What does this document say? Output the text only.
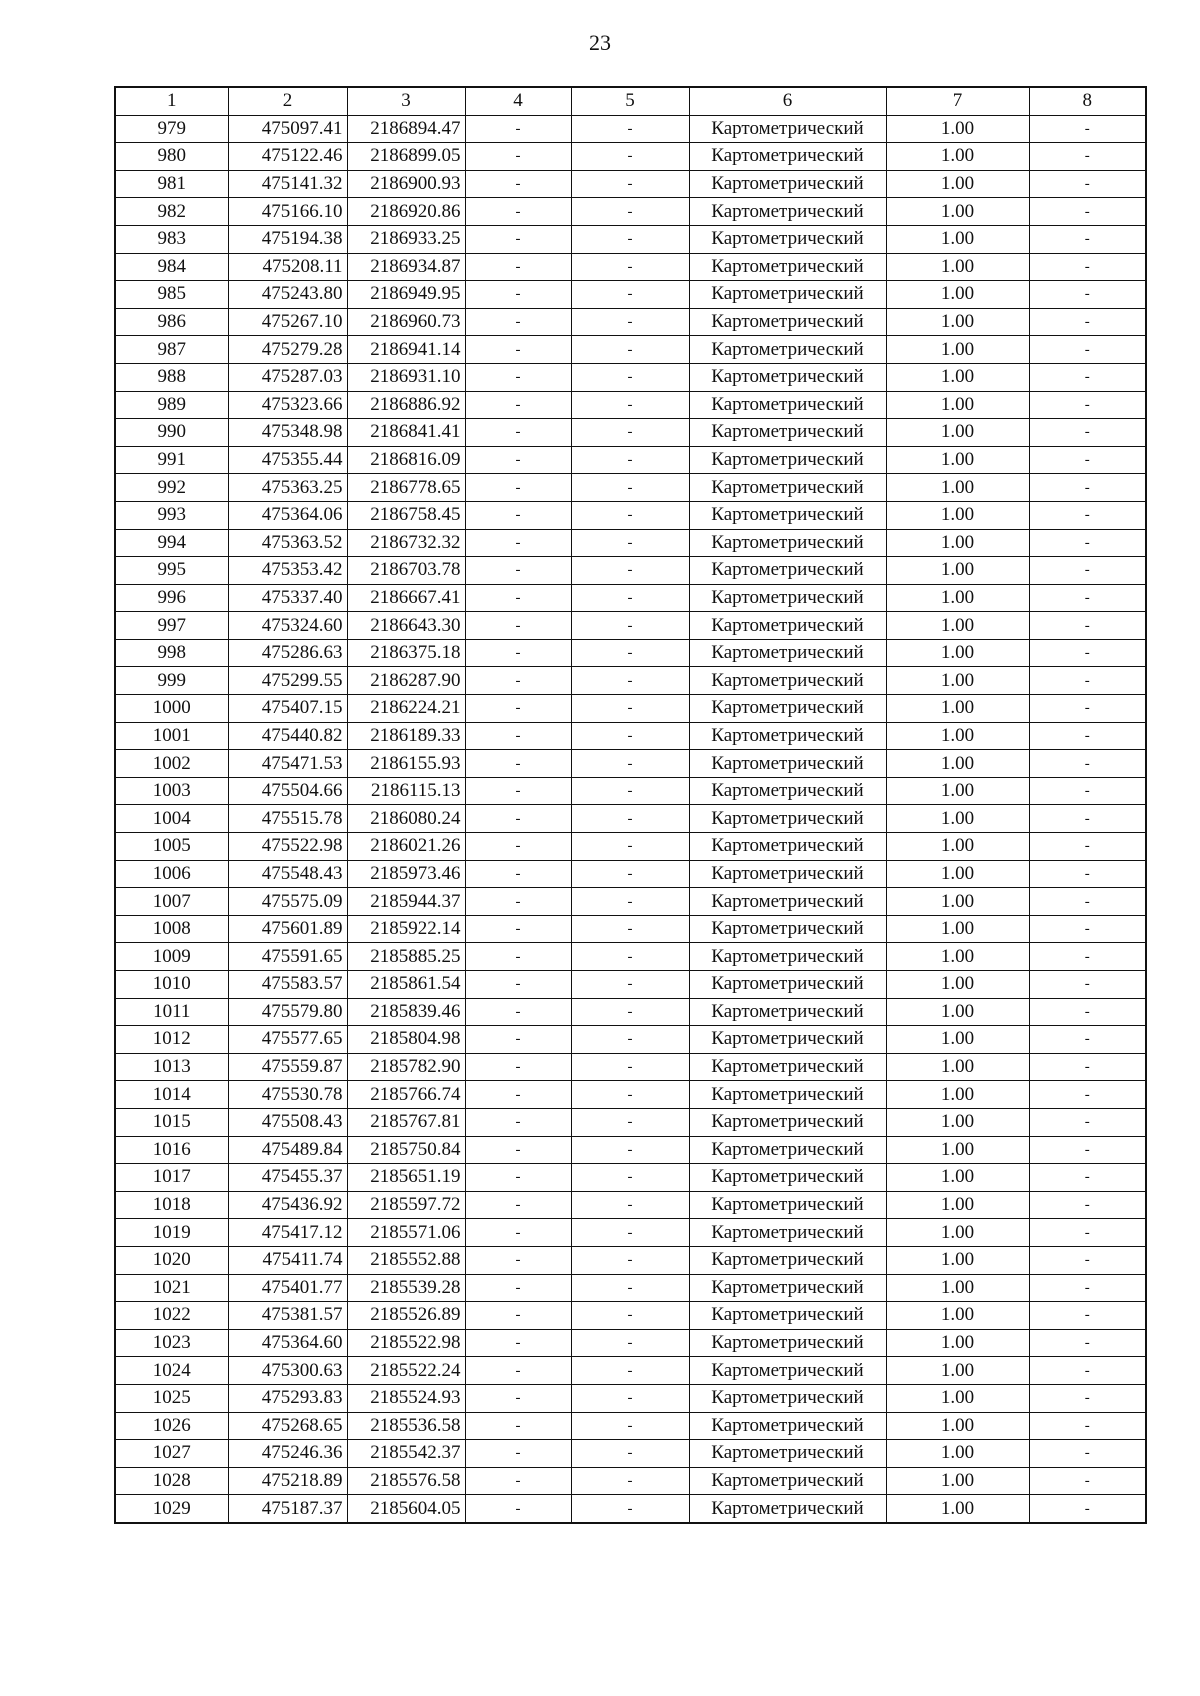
23
1	2	3	4	5	6	7	8
979	475097.41	2186894.47	-	-	Картометрический	1.00	-
980	475122.46	2186899.05	-	-	Картометрический	1.00	-
981	475141.32	2186900.93	-	-	Картометрический	1.00	-
982	475166.10	2186920.86	-	-	Картометрический	1.00	-
983	475194.38	2186933.25	-	-	Картометрический	1.00	-
984	475208.11	2186934.87	-	-	Картометрический	1.00	-
985	475243.80	2186949.95	-	-	Картометрический	1.00	-
986	475267.10	2186960.73	-	-	Картометрический	1.00	-
987	475279.28	2186941.14	-	-	Картометрический	1.00	-
988	475287.03	2186931.10	-	-	Картометрический	1.00	-
989	475323.66	2186886.92	-	-	Картометрический	1.00	-
990	475348.98	2186841.41	-	-	Картометрический	1.00	-
991	475355.44	2186816.09	-	-	Картометрический	1.00	-
992	475363.25	2186778.65	-	-	Картометрический	1.00	-
993	475364.06	2186758.45	-	-	Картометрический	1.00	-
994	475363.52	2186732.32	-	-	Картометрический	1.00	-
995	475353.42	2186703.78	-	-	Картометрический	1.00	-
996	475337.40	2186667.41	-	-	Картометрический	1.00	-
997	475324.60	2186643.30	-	-	Картометрический	1.00	-
998	475286.63	2186375.18	-	-	Картометрический	1.00	-
999	475299.55	2186287.90	-	-	Картометрический	1.00	-
1000	475407.15	2186224.21	-	-	Картометрический	1.00	-
1001	475440.82	2186189.33	-	-	Картометрический	1.00	-
1002	475471.53	2186155.93	-	-	Картометрический	1.00	-
1003	475504.66	2186115.13	-	-	Картометрический	1.00	-
1004	475515.78	2186080.24	-	-	Картометрический	1.00	-
1005	475522.98	2186021.26	-	-	Картометрический	1.00	-
1006	475548.43	2185973.46	-	-	Картометрический	1.00	-
1007	475575.09	2185944.37	-	-	Картометрический	1.00	-
1008	475601.89	2185922.14	-	-	Картометрический	1.00	-
1009	475591.65	2185885.25	-	-	Картометрический	1.00	-
1010	475583.57	2185861.54	-	-	Картометрический	1.00	-
1011	475579.80	2185839.46	-	-	Картометрический	1.00	-
1012	475577.65	2185804.98	-	-	Картометрический	1.00	-
1013	475559.87	2185782.90	-	-	Картометрический	1.00	-
1014	475530.78	2185766.74	-	-	Картометрический	1.00	-
1015	475508.43	2185767.81	-	-	Картометрический	1.00	-
1016	475489.84	2185750.84	-	-	Картометрический	1.00	-
1017	475455.37	2185651.19	-	-	Картометрический	1.00	-
1018	475436.92	2185597.72	-	-	Картометрический	1.00	-
1019	475417.12	2185571.06	-	-	Картометрический	1.00	-
1020	475411.74	2185552.88	-	-	Картометрический	1.00	-
1021	475401.77	2185539.28	-	-	Картометрический	1.00	-
1022	475381.57	2185526.89	-	-	Картометрический	1.00	-
1023	475364.60	2185522.98	-	-	Картометрический	1.00	-
1024	475300.63	2185522.24	-	-	Картометрический	1.00	-
1025	475293.83	2185524.93	-	-	Картометрический	1.00	-
1026	475268.65	2185536.58	-	-	Картометрический	1.00	-
1027	475246.36	2185542.37	-	-	Картометрический	1.00	-
1028	475218.89	2185576.58	-	-	Картометрический	1.00	-
1029	475187.37	2185604.05	-	-	Картометрический	1.00	-
